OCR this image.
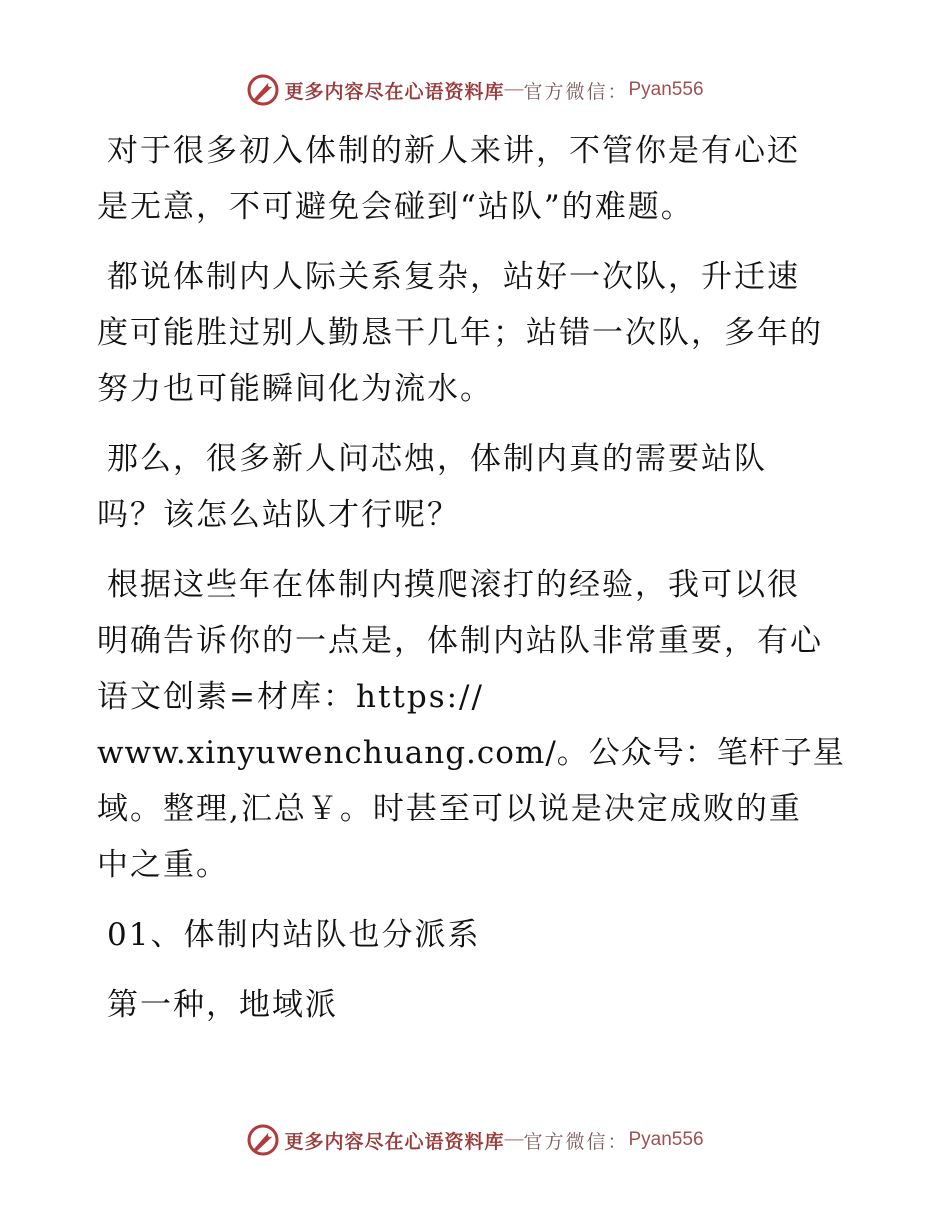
更多内容尽在心语资料库 — 官方微信： Pyan556
对于很多初入体制的新人来讲，不管你是有心还
是无意，不可避免会碰到“站队”的难题。
都说体制内人际关系复杂，站好一次队，升迁速
度可能胜过别人勤恳干几年；站错一次队，多年的
努力也可能瞬间化为流水。
那么，很多新人问芯烛，体制内真的需要站队
吗？该怎么站队才行呢？
根据这些年在体制内摸爬滚打的经验，我可以很
明确告诉你的一点是，体制内站队非常重要，有心
语文创素=材库：https://
www.xinyuwenchuang.com/。公众号：笔杆子星
域。整理,汇总￥。时甚至可以说是决定成败的重
中之重。
01、体制内站队也分派系
第一种，地域派
更多内容尽在心语资料库 — 官方微信： Pyan556
